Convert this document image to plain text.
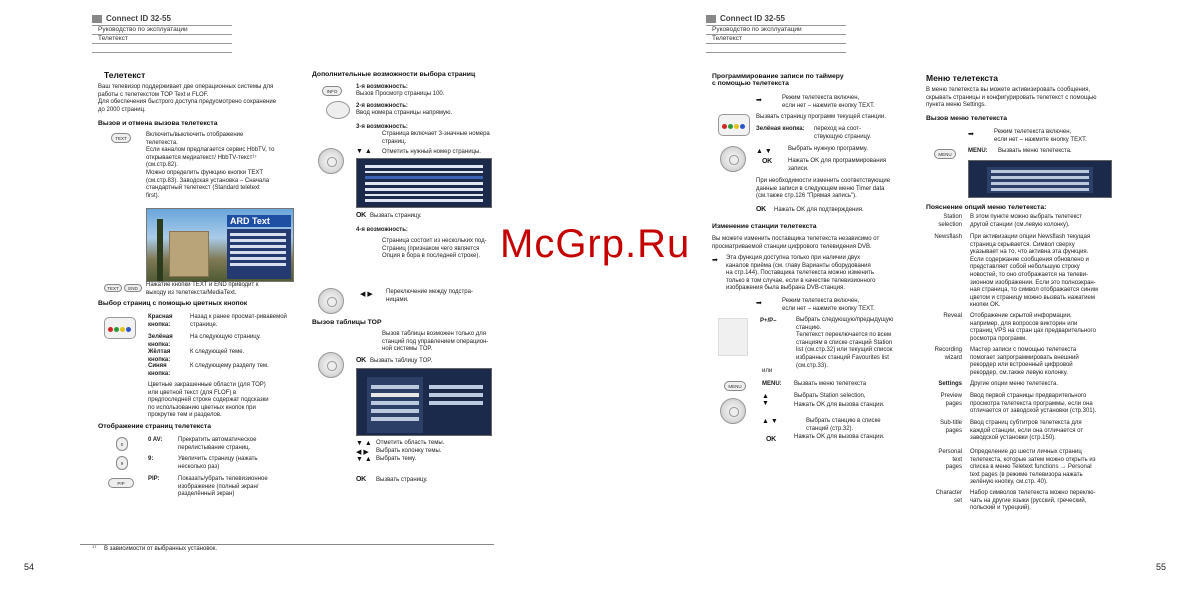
Connect ID 32-55
Руководство по эксплуатации
Телетекст
Телетекст
Ваш телевизор поддерживает две операционных системы для
работы с телетекстом TOP Text и FLOF.
Для обеспечения быстрого доступа предусмотрено сохранение
до 2000 страниц.
Вызов и отмена вызова телетекста
TEXT	Включить/выключить отображение
телетекста.
Если каналом предлагается сервис HbbTV, то
открывается медиатекст/ HbbTV-текст¹⁷
(см.стр.82).
Можно определить функцию кнопки TEXT
(см.стр.83). Заводская установка – Сначала
стандартный телетекст (Standard teletext
first).
ARD Text
TEXT END Нажатие кнопки TEXT и END приводит к
выходу из телетекста/MediaText.
Выбор страниц с помощью цветных кнопок
Красная кнопка:
Назад к ранее просмат-ривавемой странице.
Зелёная кнопка:
На следующую страницу.
Жёлтая кнопка:
К следующей теме.
Синяя кнопка:
К следующему разделу тем.
Цветные закрашенные области (для TOP)
или цветной текст (для FLOF) в
предпоследней строке содержат подсказки
по использованию цветных кнопок при
прокрутке тем и разделов.
Отображение страниц телетекста
0
0 AV:	Прекратить автоматическое
перелистывание страниц.
9
9:	Увеличить страницу (нажать
несколько раз)
PIP
PIP:	Показать/убрать телевизионное
изображение (полный экран/
разделённый экран)
Дополнительные возможности выбора страниц
INFO
1-я возможность:
Вызов Просмотр страницы 100.
2-я возможность:
Ввод номера страницы напрямую.
3-я возможность:
Страница включает 3-значные номера
страниц.
▼ ▲ Отметить нужный номер страницы.
OK Вызвать страницу.
4-я возможность:
Страница состоит из нескольких под-
Страниц (признаком чего является
Опция в бора в последней строке).
◀ ▶ Переключение между подстра-
ницами.
Вызов таблицы TOP
Вызов таблицы возможен только для
станций под управлением операцион-
ной системы TOP.
OK Вызвать таблицу TOP.
▼ ▲ Отметить область темы.
◀ ▶ Выбрать колонку темы.
▼ ▲ Выбрать тему.
OK Вызвать страницу.
17 В зависимости от выбранных установок.
54
Connect ID 32-55
Руководство по эксплуатации
Телетекст
Программирование записи по таймеру
с помощью телетекста
➡	Режим телетекста включен,
если нет – нажмите кнопку TEXT.
Вызвать страницу программ текущей станции.
Зелёная кнопка: переход на соот-
ствующую страницу.
▲ ▼	Выбрать нужную программу.
OK	Нажать OK для программирования
записи.
При необходимости изменить соответствующие
данные записи в следующем меню Timer data
(см.также стр.126 "Прямая запись").
OK Нажать OK для подтверждения.
Изменение станции телетекста
Вы можете изменить поставщика телетекста независимо от
просматриваемой станции цифрового телевидения DVB.
➡ Эта функция доступна только при наличии двух
каналов приёма (см. главу Варианты оборудования
на стр.144). Поставщика телетекста можно изменить
только в том случае, если в качестве телевизионного
изображения была выбрана DVB-станция.
➡	Режим телетекста включен,
если нет – нажмите кнопку TEXT.
P+/P–	Выбрать следующую/предыдущую
станцию.
Телетекст переключается по всем
станциям в списке станций Station
list (см.стр.32) или текущий список
избранных станций Favourites list
(см.стр.33).
или
MENU	MENU: Вызвать меню телетекста
▲
▼
Выбрать Station selection,
Нажать OK для вызова станции.
▲ ▼	Выбрать станцию в списке
станций (стр.32).
OK	Нажать OK для вызова станции.
Меню телетекста
В меню телетекста вы можете активизировать сообщения,
скрывать страницы и конфигурировать телетекст с помощью
пункта меню Settings.
Вызов меню телетекста
➡	Режим телетекста включен,
если нет – нажмите кнопку TEXT.
MENU	MENU: Вызвать меню телетекста.
Пояснение опций меню телетекста:
Station
selection
В этом пункте можно выбрать телетекст
другой станции (см.левую колонку).
Newsflash При активизации опции Newsflash текущая
страница скрывается. Символ сверху
указывает на то, что активна эта функция.
Если содержание сообщения обновлено и
представляет собой небольшую строку
новостей, то оно отображается на телеви-
зионном изображении. Если это полноэкран-
ная страница, то символ отображается синим
цветом и страницу можно вызвать нажатием
кнопки OK.
Reveal Отображение скрытой информации,
например, для вопросов викторин или
страниц VPS на стран цах предварительного
росмотра программ.
Recording
wizard
Мастер записи с помощью телетекста
помогает запрограммировать внешний
рекордер или встроенный цифровой
рекордер, см.также левую колонку.
Settings Другие опции меню телетекста.
Preview
pages
Ввод первой страницы предварительного
просмотра телетекста программы, если она
отличается от заводской установки (стр.301).
Sub-title
pages
Ввод страниц субтитров телетекста для
каждой станции, если она отличается от
заводской установки (стр.150).
Personal
text
pages
Определение до шести личных страниц
телетекста, которые затем можно открыть из
списка в меню Teletext functions → Personal
text pages (в режиме телевизора нажать
зелёную кнопку, см.стр. 40).
Character
set
Набор символов телетекста можно переклю-
чать на другие языки (русский, греческий,
польский и турецкий).
55
McGrp.Ru
